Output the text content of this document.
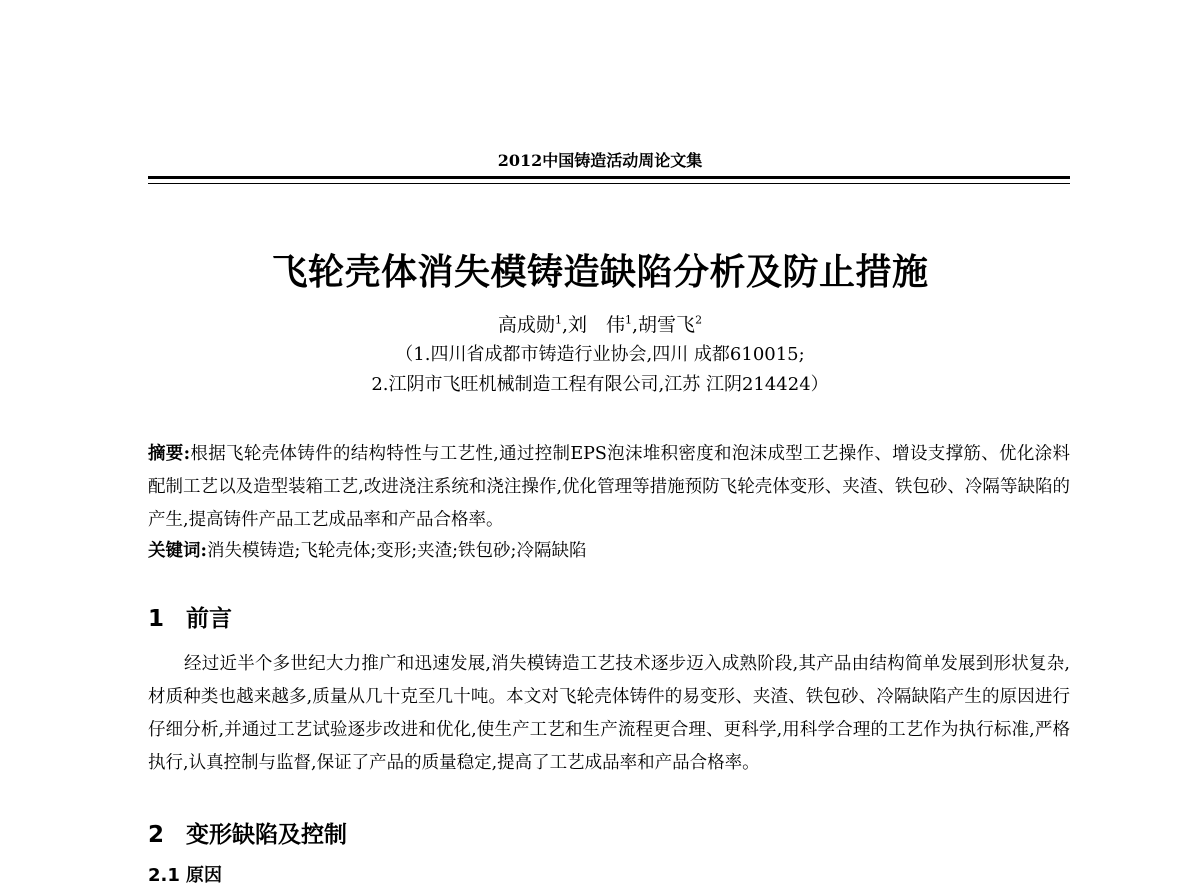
2012中国铸造活动周论文集
飞轮壳体消失模铸造缺陷分析及防止措施
高成勋$^1$,刘　伟$^1$,胡雪飞$^2$
（1.四川省成都市铸造行业协会,四川 成都610015;
2.江阴市飞旺机械制造工程有限公司,江苏 江阴214424）
摘要:根据飞轮壳体铸件的结构特性与工艺性,通过控制EPS泡沫堆积密度和泡沫成型工艺操作、增设支撑筋、优化涂料配制工艺以及造型装箱工艺,改进浇注系统和浇注操作,优化管理等措施预防飞轮壳体变形、夹渣、铁包砂、冷隔等缺陷的产生,提高铸件产品工艺成品率和产品合格率。
关键词:消失模铸造;飞轮壳体;变形;夹渣;铁包砂;冷隔缺陷
1 前言
经过近半个多世纪大力推广和迅速发展,消失模铸造工艺技术逐步迈入成熟阶段,其产品由结构简单发展到形状复杂,材质种类也越来越多,质量从几十克至几十吨。本文对飞轮壳体铸件的易变形、夹渣、铁包砂、冷隔缺陷产生的原因进行仔细分析,并通过工艺试验逐步改进和优化,使生产工艺和生产流程更合理、更科学,用科学合理的工艺作为执行标准,严格执行,认真控制与监督,保证了产品的质量稳定,提高了工艺成品率和产品合格率。
2 变形缺陷及控制
2.1 原因
